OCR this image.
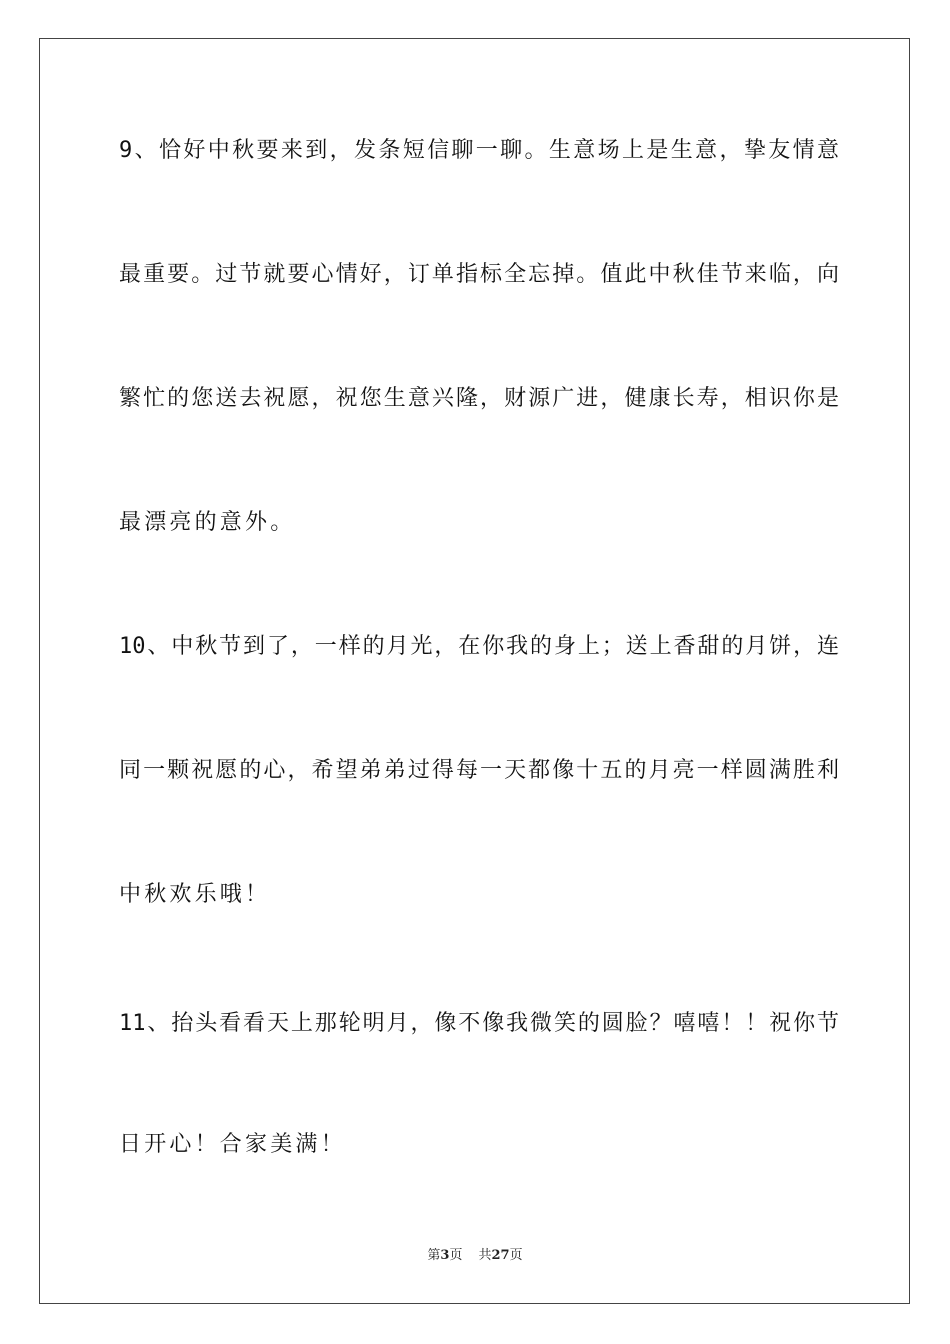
9、恰好中秋要来到，发条短信聊一聊。生意场上是生意，挚友情意
最重要。过节就要心情好，订单指标全忘掉。值此中秋佳节来临，向
繁忙的您送去祝愿，祝您生意兴隆，财源广进，健康长寿，相识你是
最漂亮的意外。
10、中秋节到了，一样的月光，在你我的身上；送上香甜的月饼，连
同一颗祝愿的心，希望弟弟过得每一天都像十五的月亮一样圆满胜利
中秋欢乐哦！
11、抬头看看天上那轮明月，像不像我微笑的圆脸？嘻嘻！！祝你节
日开心！合家美满！
第3页 共27页
